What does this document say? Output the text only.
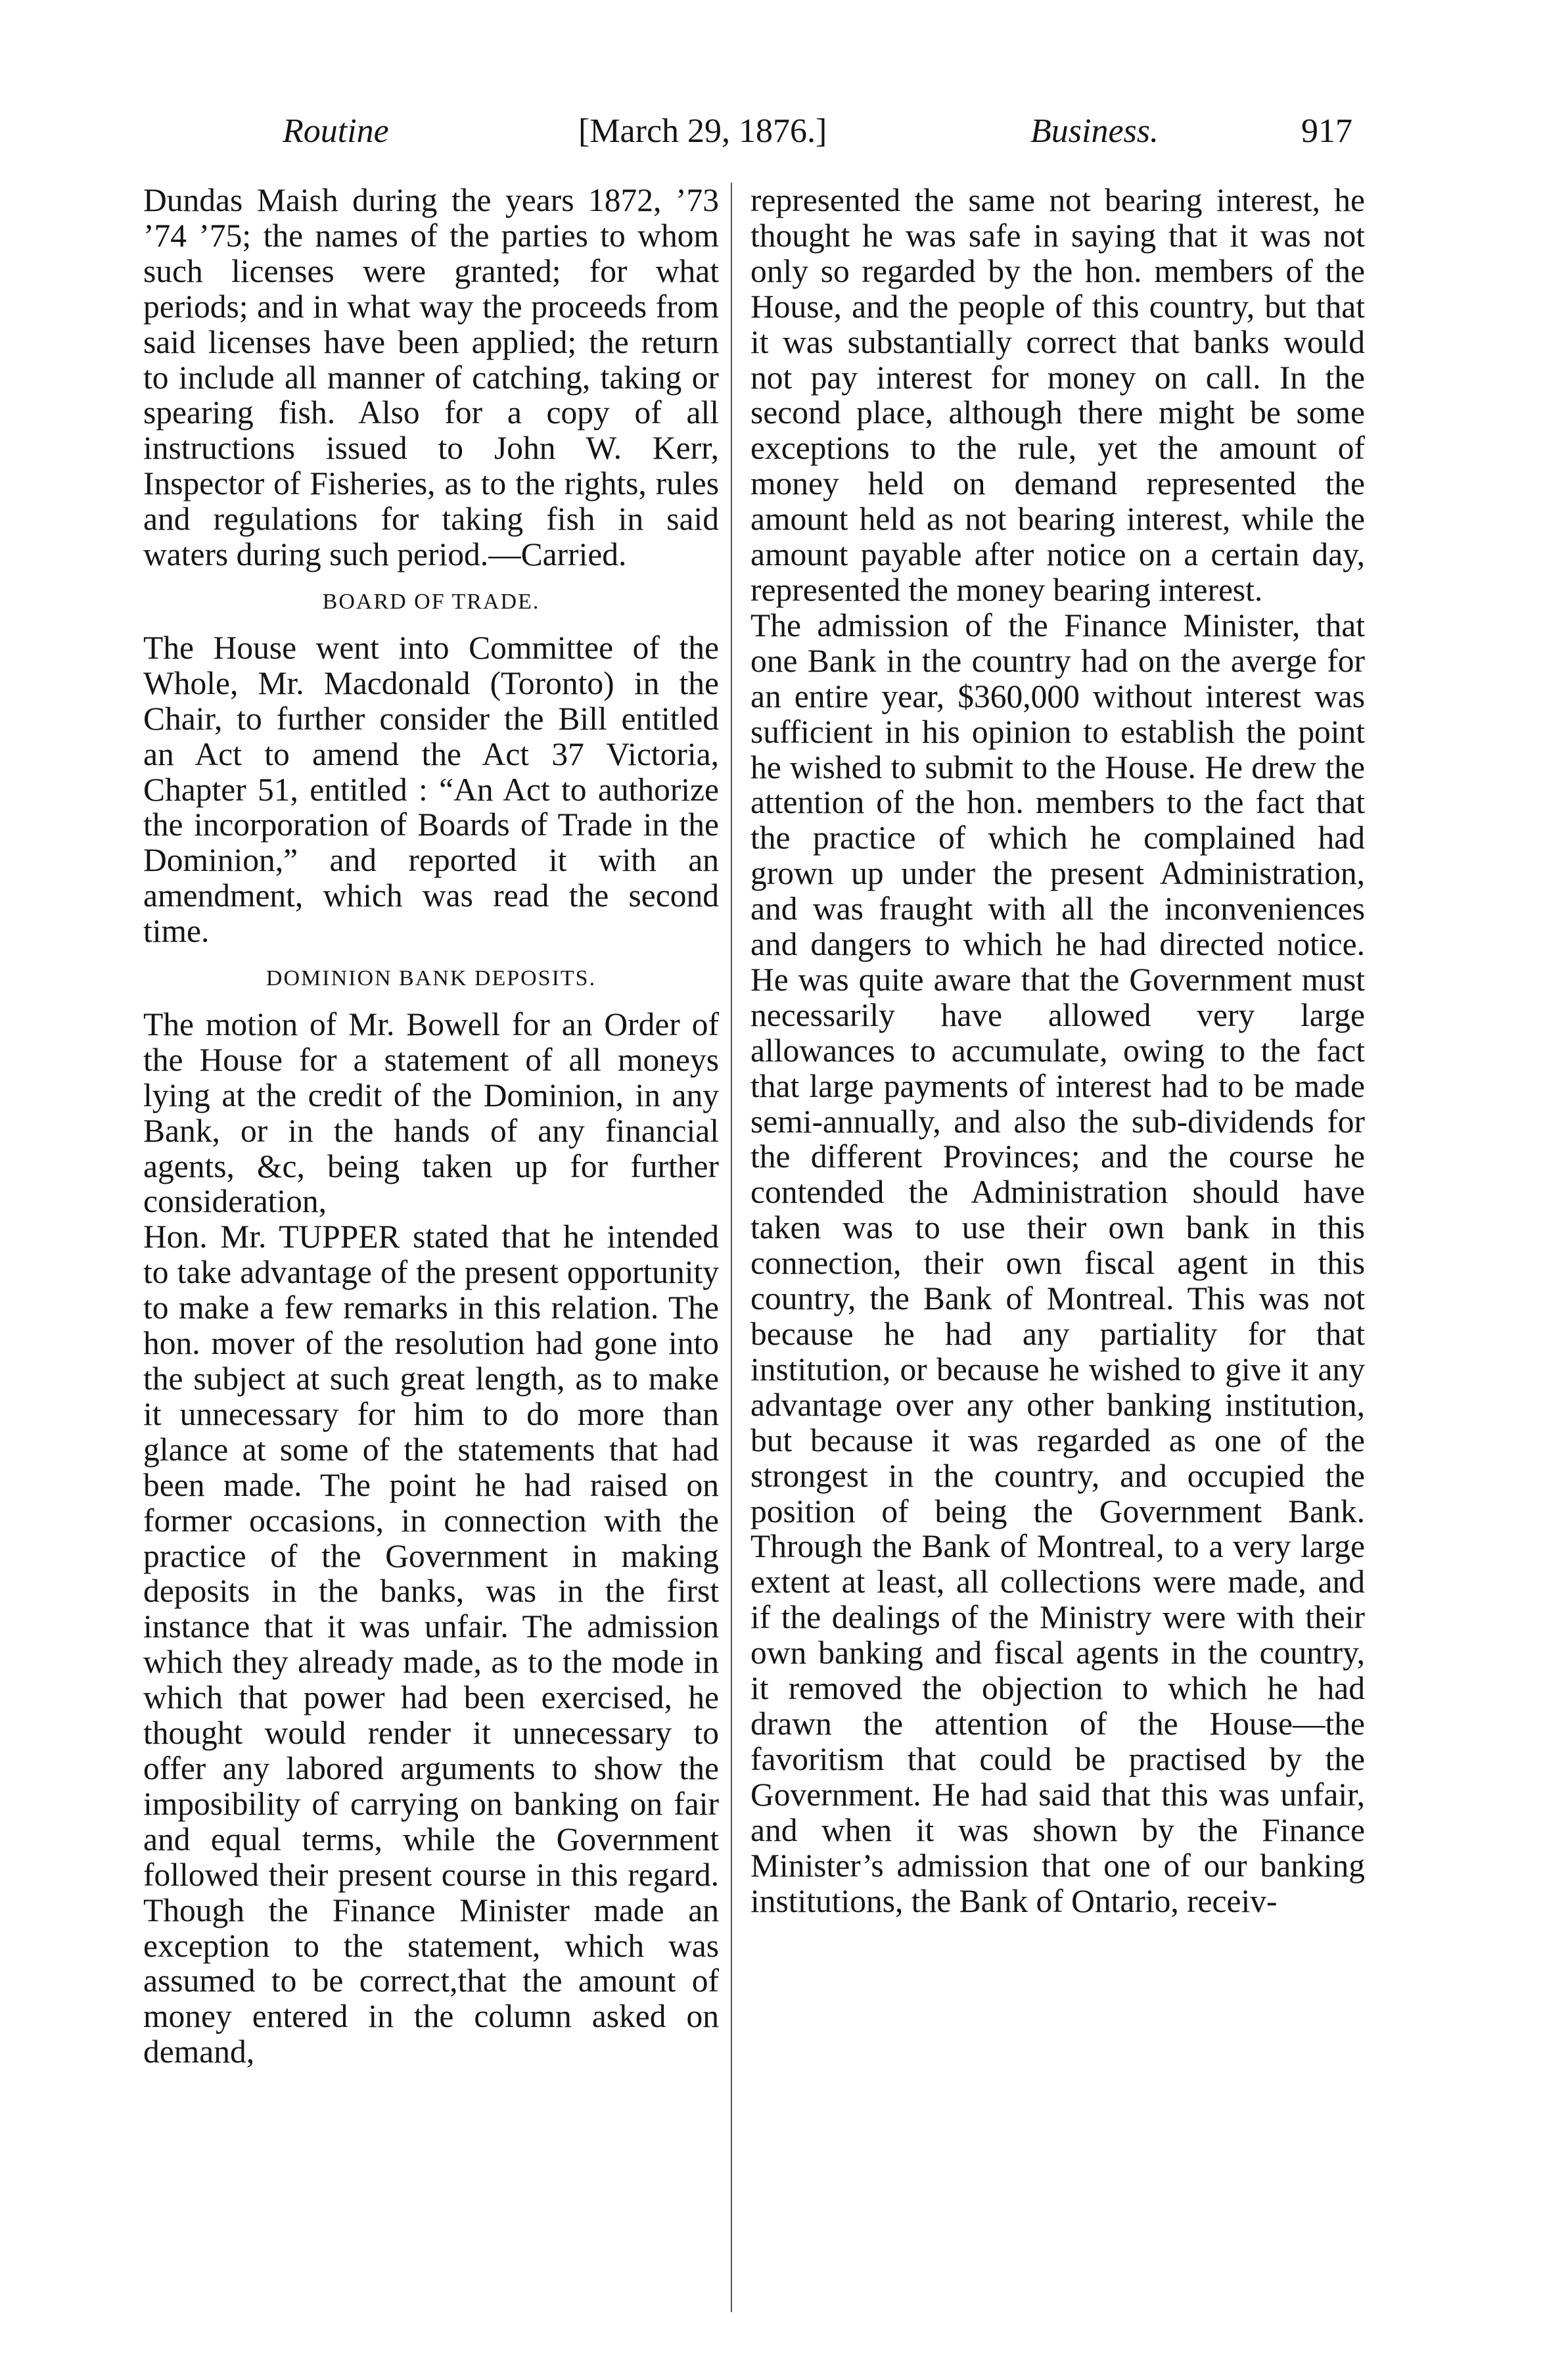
Routine	[March 29, 1876.]	Business.	917

Dundas Maish during the years 1872, ’73 ’74 ’75; the names of the parties to whom such licenses were granted; for what periods; and in what way the proceeds from said licenses have been applied; the return to include all manner of catching, taking or spearing fish. Also for a copy of all instructions issued to John W. Kerr, Inspector of Fisheries, as to the rights, rules and regulations for taking fish in said waters during such period.—Carried.

BOARD OF TRADE.

The House went into Committee of the Whole, Mr. Macdonald (Toronto) in the Chair, to further consider the Bill entitled an Act to amend the Act 37 Victoria, Chapter 51, entitled : “An Act to authorize the incorporation of Boards of Trade in the Dominion,” and reported it with an amendment, which was read the second time.

DOMINION BANK DEPOSITS.

The motion of Mr. Bowell for an Order of the House for a statement of all moneys lying at the credit of the Dominion, in any Bank, or in the hands of any financial agents, &c, being taken up for further consideration,

Hon. Mr. TUPPER stated that he intended to take advantage of the present opportunity to make a few remarks in this relation. The hon. mover of the resolution had gone into the subject at such great length, as to make it unnecessary for him to do more than glance at some of the statements that had been made. The point he had raised on former occasions, in connection with the practice of the Government in making deposits in the banks, was in the first instance that it was unfair. The admission which they already made, as to the mode in which that power had been exercised, he thought would render it unnecessary to offer any labored arguments to show the imposibility of carrying on banking on fair and equal terms, while the Government followed their present course in this regard. Though the Finance Minister made an exception to the statement, which was assumed to be correct,that the amount of money entered in the column asked on demand,

represented the same not bearing interest, he thought he was safe in saying that it was not only so regarded by the hon. members of the House, and the people of this country, but that it was substantially correct that banks would not pay interest for money on call. In the second place, although there might be some exceptions to the rule, yet the amount of money held on demand represented the amount held as not bearing interest, while the amount payable after notice on a certain day, represented the money bearing interest.

The admission of the Finance Minister, that one Bank in the country had on the averge for an entire year, $360,000 without interest was sufficient in his opinion to establish the point he wished to submit to the House. He drew the attention of the hon. members to the fact that the practice of which he complained had grown up under the present Administration, and was fraught with all the inconveniences and dangers to which he had directed notice. He was quite aware that the Government must necessarily have allowed very large allowances to accumulate, owing to the fact that large payments of interest had to be made semi-annually, and also the sub-dividends for the different Provinces; and the course he contended the Administration should have taken was to use their own bank in this connection, their own fiscal agent in this country, the Bank of Montreal. This was not because he had any partiality for that institution, or because he wished to give it any advantage over any other banking institution, but because it was regarded as one of the strongest in the country, and occupied the position of being the Government Bank. Through the Bank of Montreal, to a very large extent at least, all collections were made, and if the dealings of the Ministry were with their own banking and fiscal agents in the country, it removed the objection to which he had drawn the attention of the House—the favoritism that could be practised by the Government. He had said that this was unfair, and when it was shown by the Finance Minister’s admission that one of our banking institutions, the Bank of Ontario, receiv-
